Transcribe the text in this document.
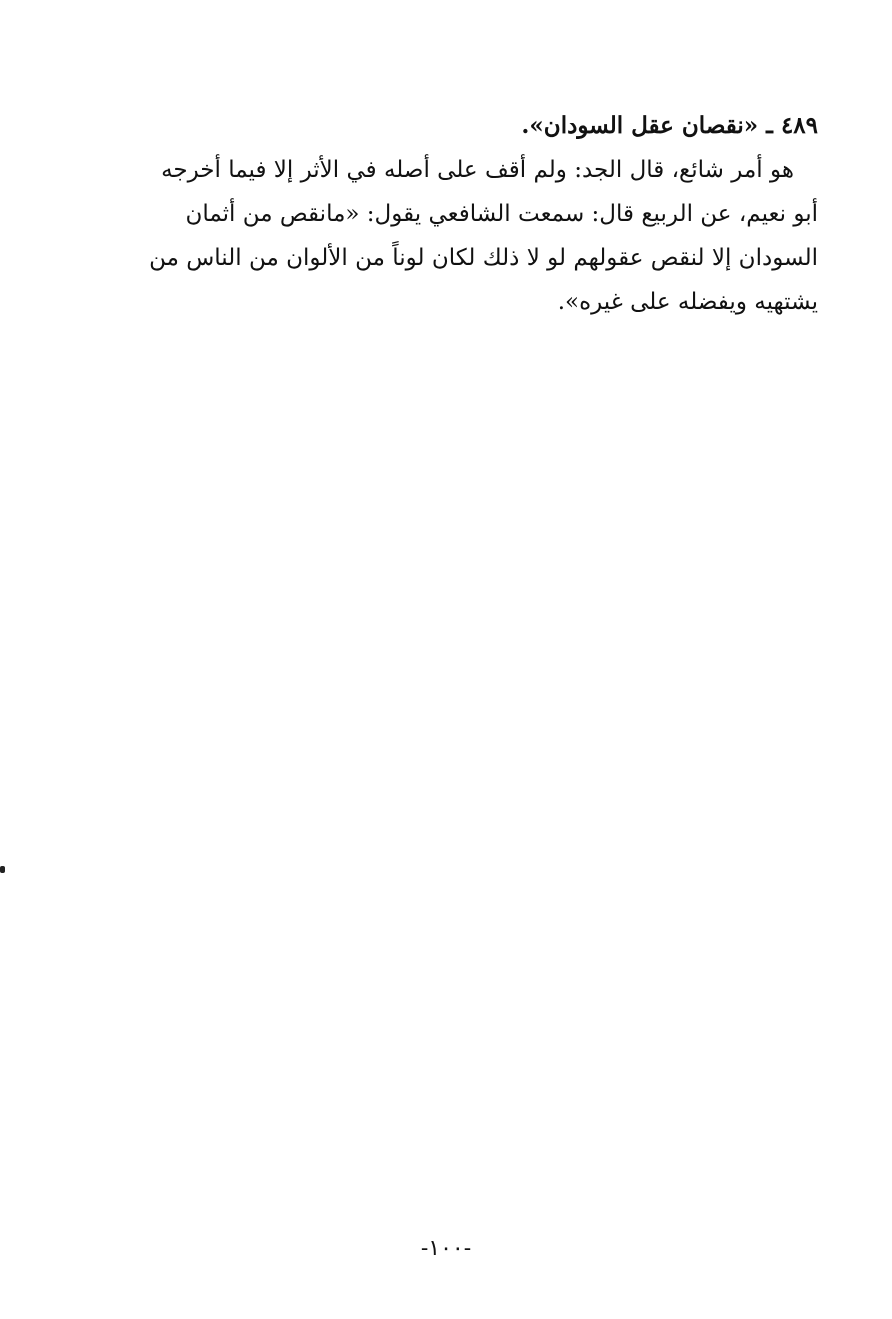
٤٨٩ ـ «نقصان عقل السودان».

هو أمر شائع، قال الجد: ولم أقف على أصله في الأثر إلا فيما أخرجه
أبو نعيم، عن الربيع قال: سمعت الشافعي يقول: «مانقص من أثمان
السودان إلا لنقص عقولهم لو لا ذلك لكان لوناً من الألوان من الناس من
يشتهيه ويفضله على غيره».

-١٠٠-
